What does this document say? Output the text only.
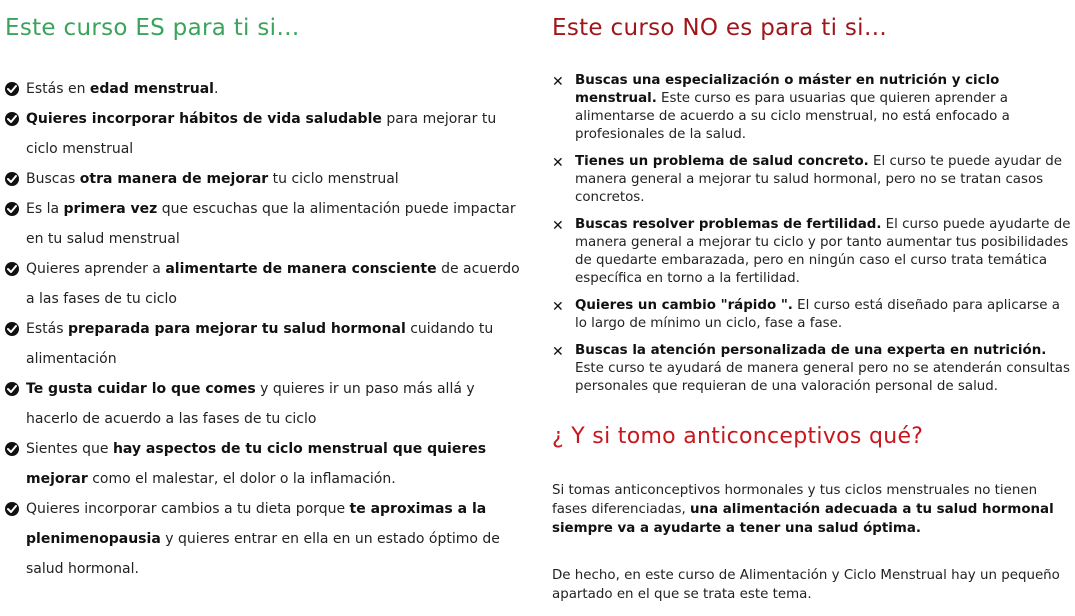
Este curso ES para ti si…
Estás en edad menstrual.
Quieres incorporar hábitos de vida saludable para mejorar tu ciclo menstrual
Buscas otra manera de mejorar tu ciclo menstrual
Es la primera vez que escuchas que la alimentación puede impactar en tu salud menstrual
Quieres aprender a alimentarte de manera consciente de acuerdo a las fases de tu ciclo
Estás preparada para mejorar tu salud hormonal cuidando tu alimentación
Te gusta cuidar lo que comes y quieres ir un paso más allá y hacerlo de acuerdo a las fases de tu ciclo
Sientes que hay aspectos de tu ciclo menstrual que quieres mejorar como el malestar, el dolor o la inflamación.
Quieres incorporar cambios a tu dieta porque te aproximas a la plenimenopausia y quieres entrar en ella en un estado óptimo de salud hormonal.
Este curso NO es para ti si…
✕ Buscas una especialización o máster en nutrición y ciclo menstrual. Este curso es para usuarias que quieren aprender a alimentarse de acuerdo a su ciclo menstrual, no está enfocado a profesionales de la salud.
✕ Tienes un problema de salud concreto. El curso te puede ayudar de manera general a mejorar tu salud hormonal, pero no se tratan casos concretos.
✕ Buscas resolver problemas de fertilidad. El curso puede ayudarte de manera general a mejorar tu ciclo y por tanto aumentar tus posibilidades de quedarte embarazada, pero en ningún caso el curso trata temática específica en torno a la fertilidad.
✕ Quieres un cambio "rápido ". El curso está diseñado para aplicarse a lo largo de mínimo un ciclo, fase a fase.
✕ Buscas la atención personalizada de una experta en nutrición. Este curso te ayudará de manera general pero no se atenderán consultas personales que requieran de una valoración personal de salud.
¿ Y si tomo anticonceptivos qué?

Si tomas anticonceptivos hormonales y tus ciclos menstruales no tienen fases diferenciadas, una alimentación adecuada a tu salud hormonal siempre va a ayudarte a tener una salud óptima.

De hecho, en este curso de Alimentación y Ciclo Menstrual hay un pequeño apartado en el que se trata este tema.
